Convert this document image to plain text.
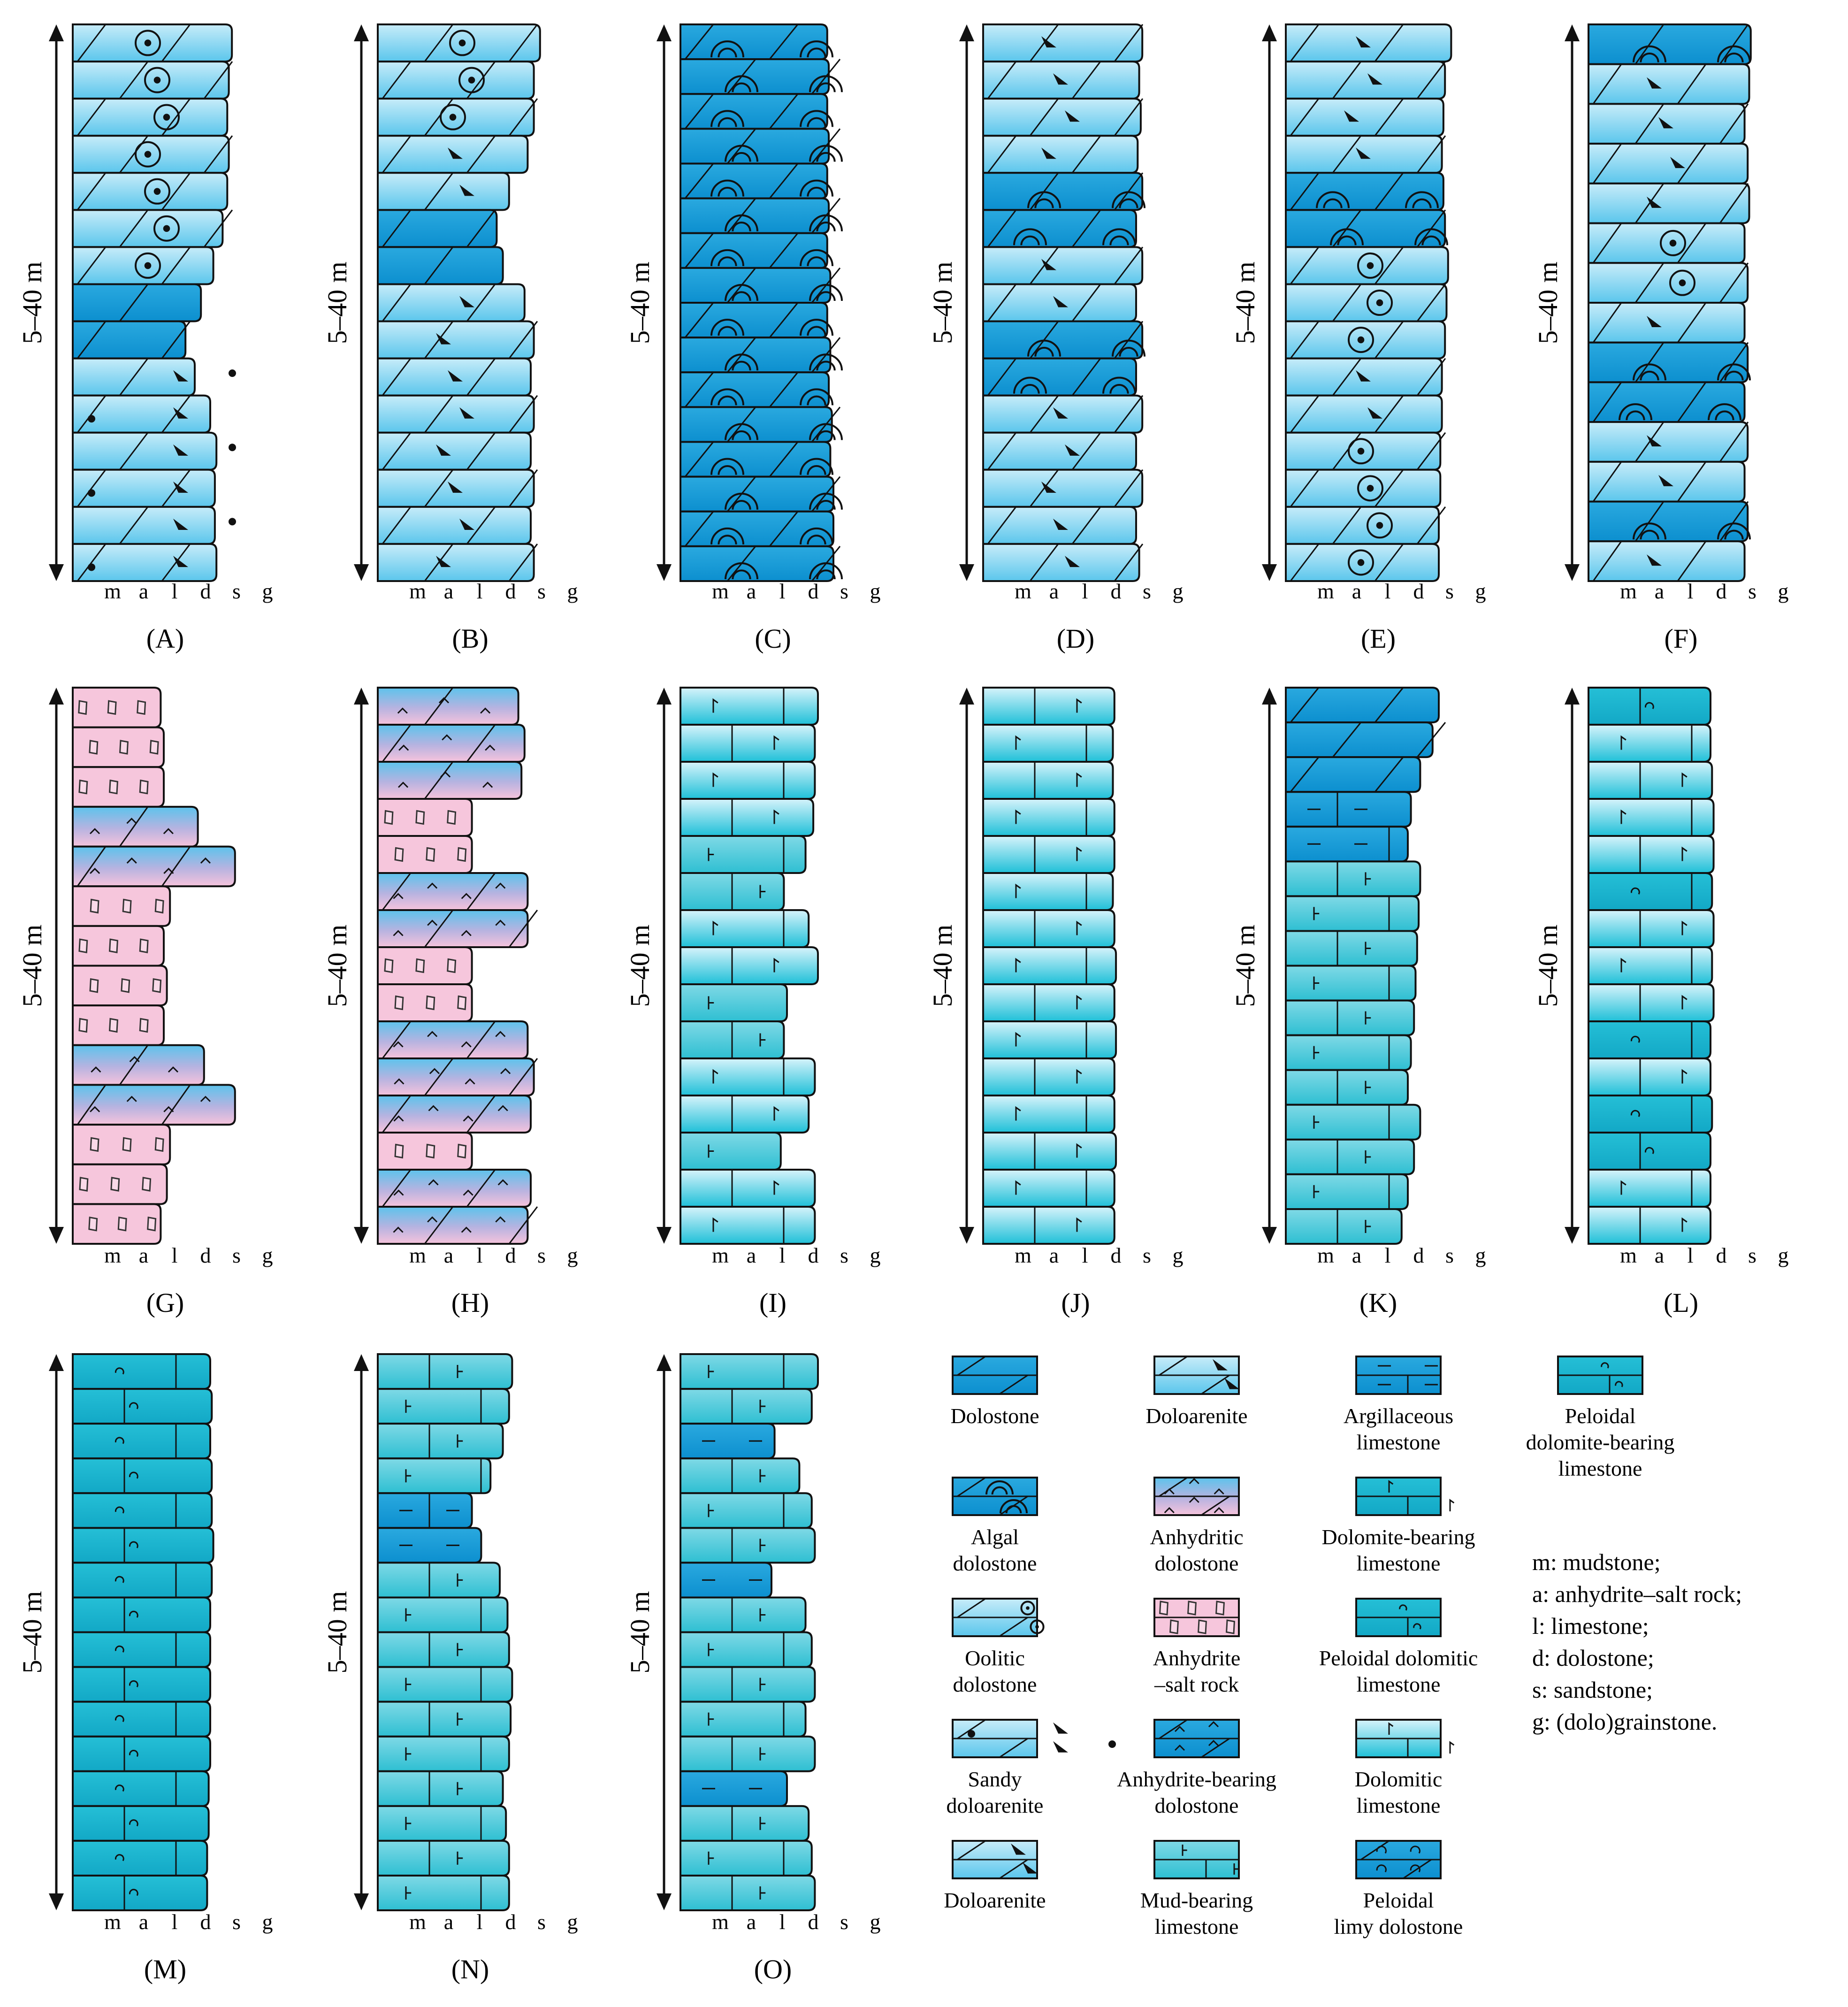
5–40 m
m a l d s g
(A)
5–40 m
m a l d s g
(B)
5–40 m
m a l d s g
(C)
5–40 m
m a l d s g
(D)
5–40 m
m a l d s g
(E)
5–40 m
m a l d s g
(F)
5–40 m
m a l d s g
(G)
5–40 m
m a l d s g
(H)
5–40 m
m a l d s g
(I)
5–40 m
m a l d s g
(J)
5–40 m
m a l d s g
(K)
5–40 m
m a l d s g
(L)
5–40 m
m a l d s g
(M)
5–40 m
m a l d s g
(N)
5–40 m
m a l d s g
(O)
Dolostone
Algal
dolostone
Oolitic
dolostone
Sandy
doloarenite
Doloarenite
Doloarenite
Anhydritic
dolostone
Anhydrite
–salt rock
Anhydrite-bearing
dolostone
Mud-bearing
limestone
Argillaceous
limestone
Dolomite-bearing
limestone
Peloidal dolomitic
limestone
Dolomitic
limestone
Peloidal
limy dolostone
Peloidal
dolomite-bearing
limestone
m: mudstone;
a: anhydrite–salt rock;
l: limestone;
d: dolostone;
s: sandstone;
g: (dolo)grainstone.
